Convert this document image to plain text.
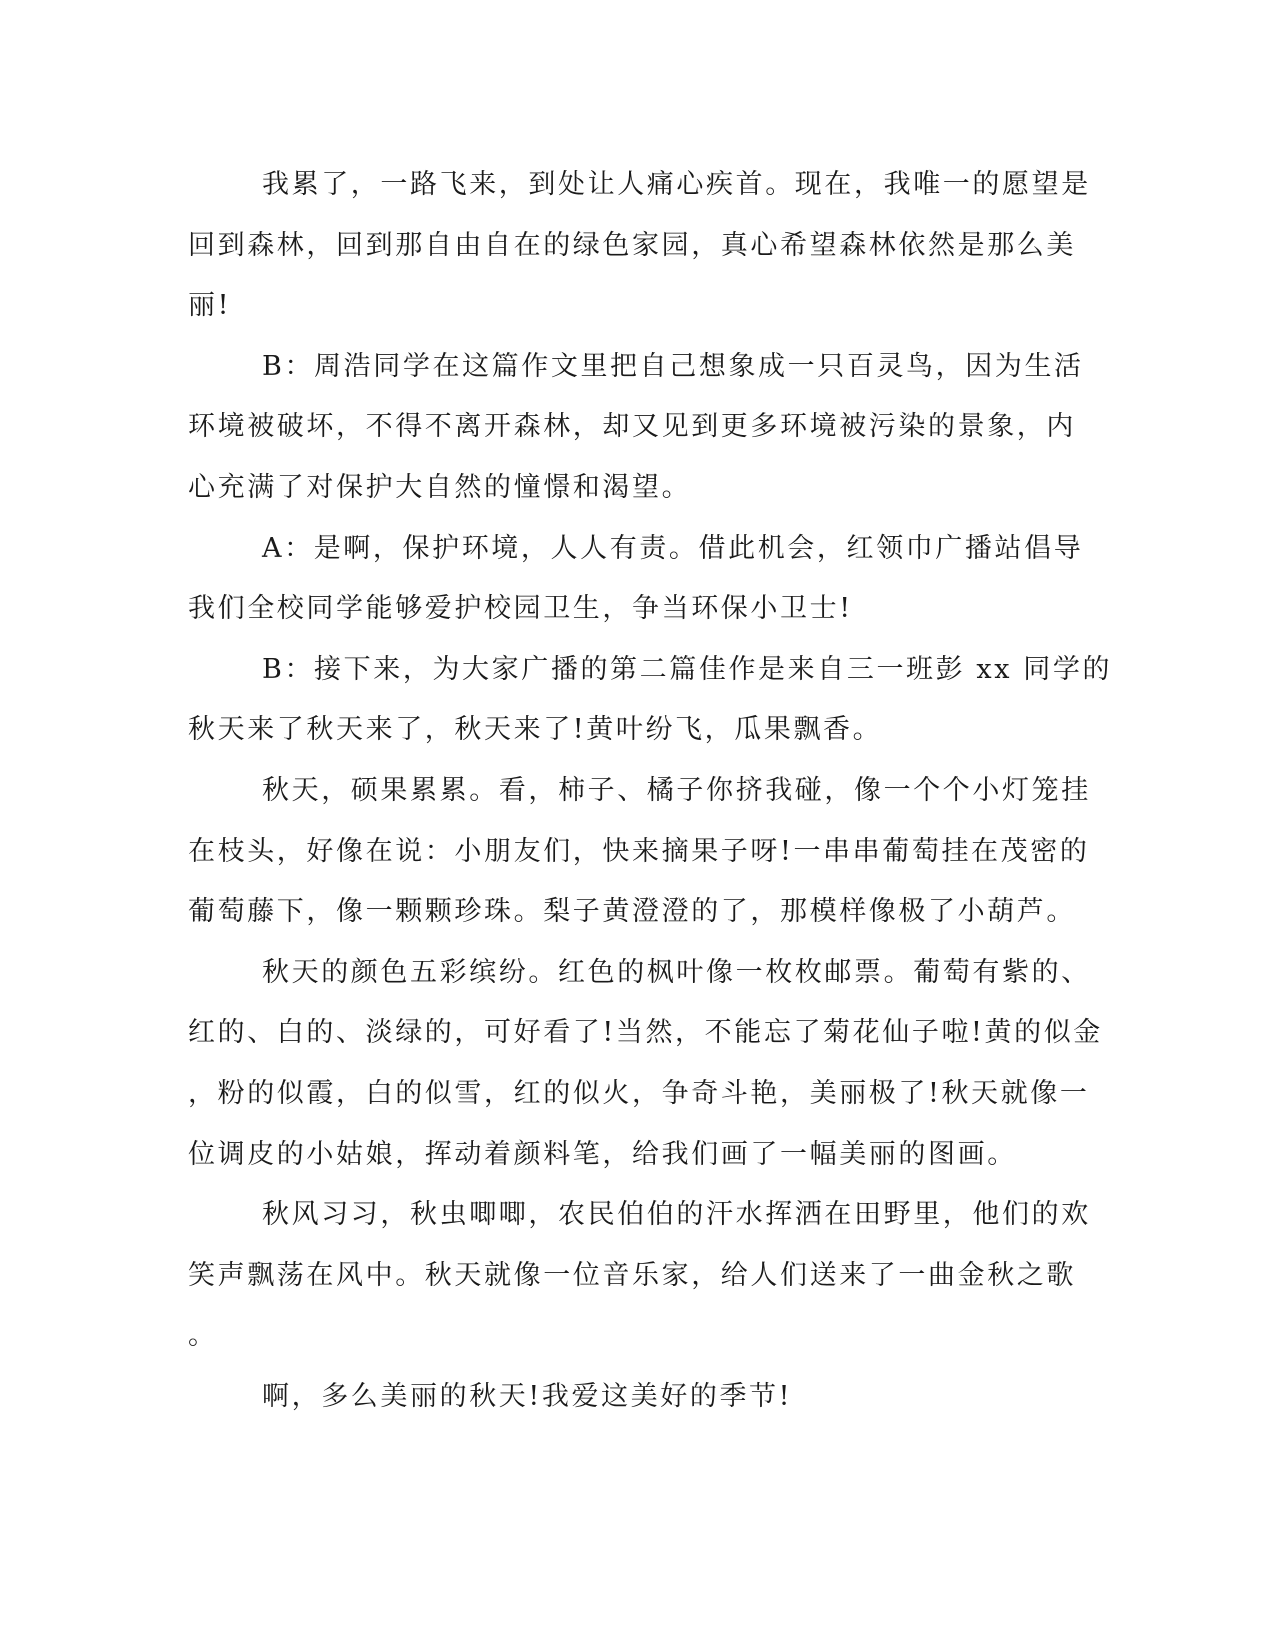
我累了，一路飞来，到处让人痛心疾首。现在，我唯一的愿望是
回到森林，回到那自由自在的绿色家园，真心希望森林依然是那么美
丽!

B：周浩同学在这篇作文里把自己想象成一只百灵鸟，因为生活
环境被破坏，不得不离开森林，却又见到更多环境被污染的景象，内
心充满了对保护大自然的憧憬和渴望。

A：是啊，保护环境，人人有责。借此机会，红领巾广播站倡导
我们全校同学能够爱护校园卫生，争当环保小卫士!

B：接下来，为大家广播的第二篇佳作是来自三一班彭 xx 同学的
秋天来了秋天来了，秋天来了!黄叶纷飞，瓜果飘香。

秋天，硕果累累。看，柿子、橘子你挤我碰，像一个个小灯笼挂
在枝头，好像在说：小朋友们，快来摘果子呀!一串串葡萄挂在茂密的
葡萄藤下，像一颗颗珍珠。梨子黄澄澄的了，那模样像极了小葫芦。

秋天的颜色五彩缤纷。红色的枫叶像一枚枚邮票。葡萄有紫的、
红的、白的、淡绿的，可好看了!当然，不能忘了菊花仙子啦!黄的似金
，粉的似霞，白的似雪，红的似火，争奇斗艳，美丽极了!秋天就像一
位调皮的小姑娘，挥动着颜料笔，给我们画了一幅美丽的图画。

秋风习习，秋虫唧唧，农民伯伯的汗水挥洒在田野里，他们的欢
笑声飘荡在风中。秋天就像一位音乐家，给人们送来了一曲金秋之歌
。

啊，多么美丽的秋天!我爱这美好的季节!
